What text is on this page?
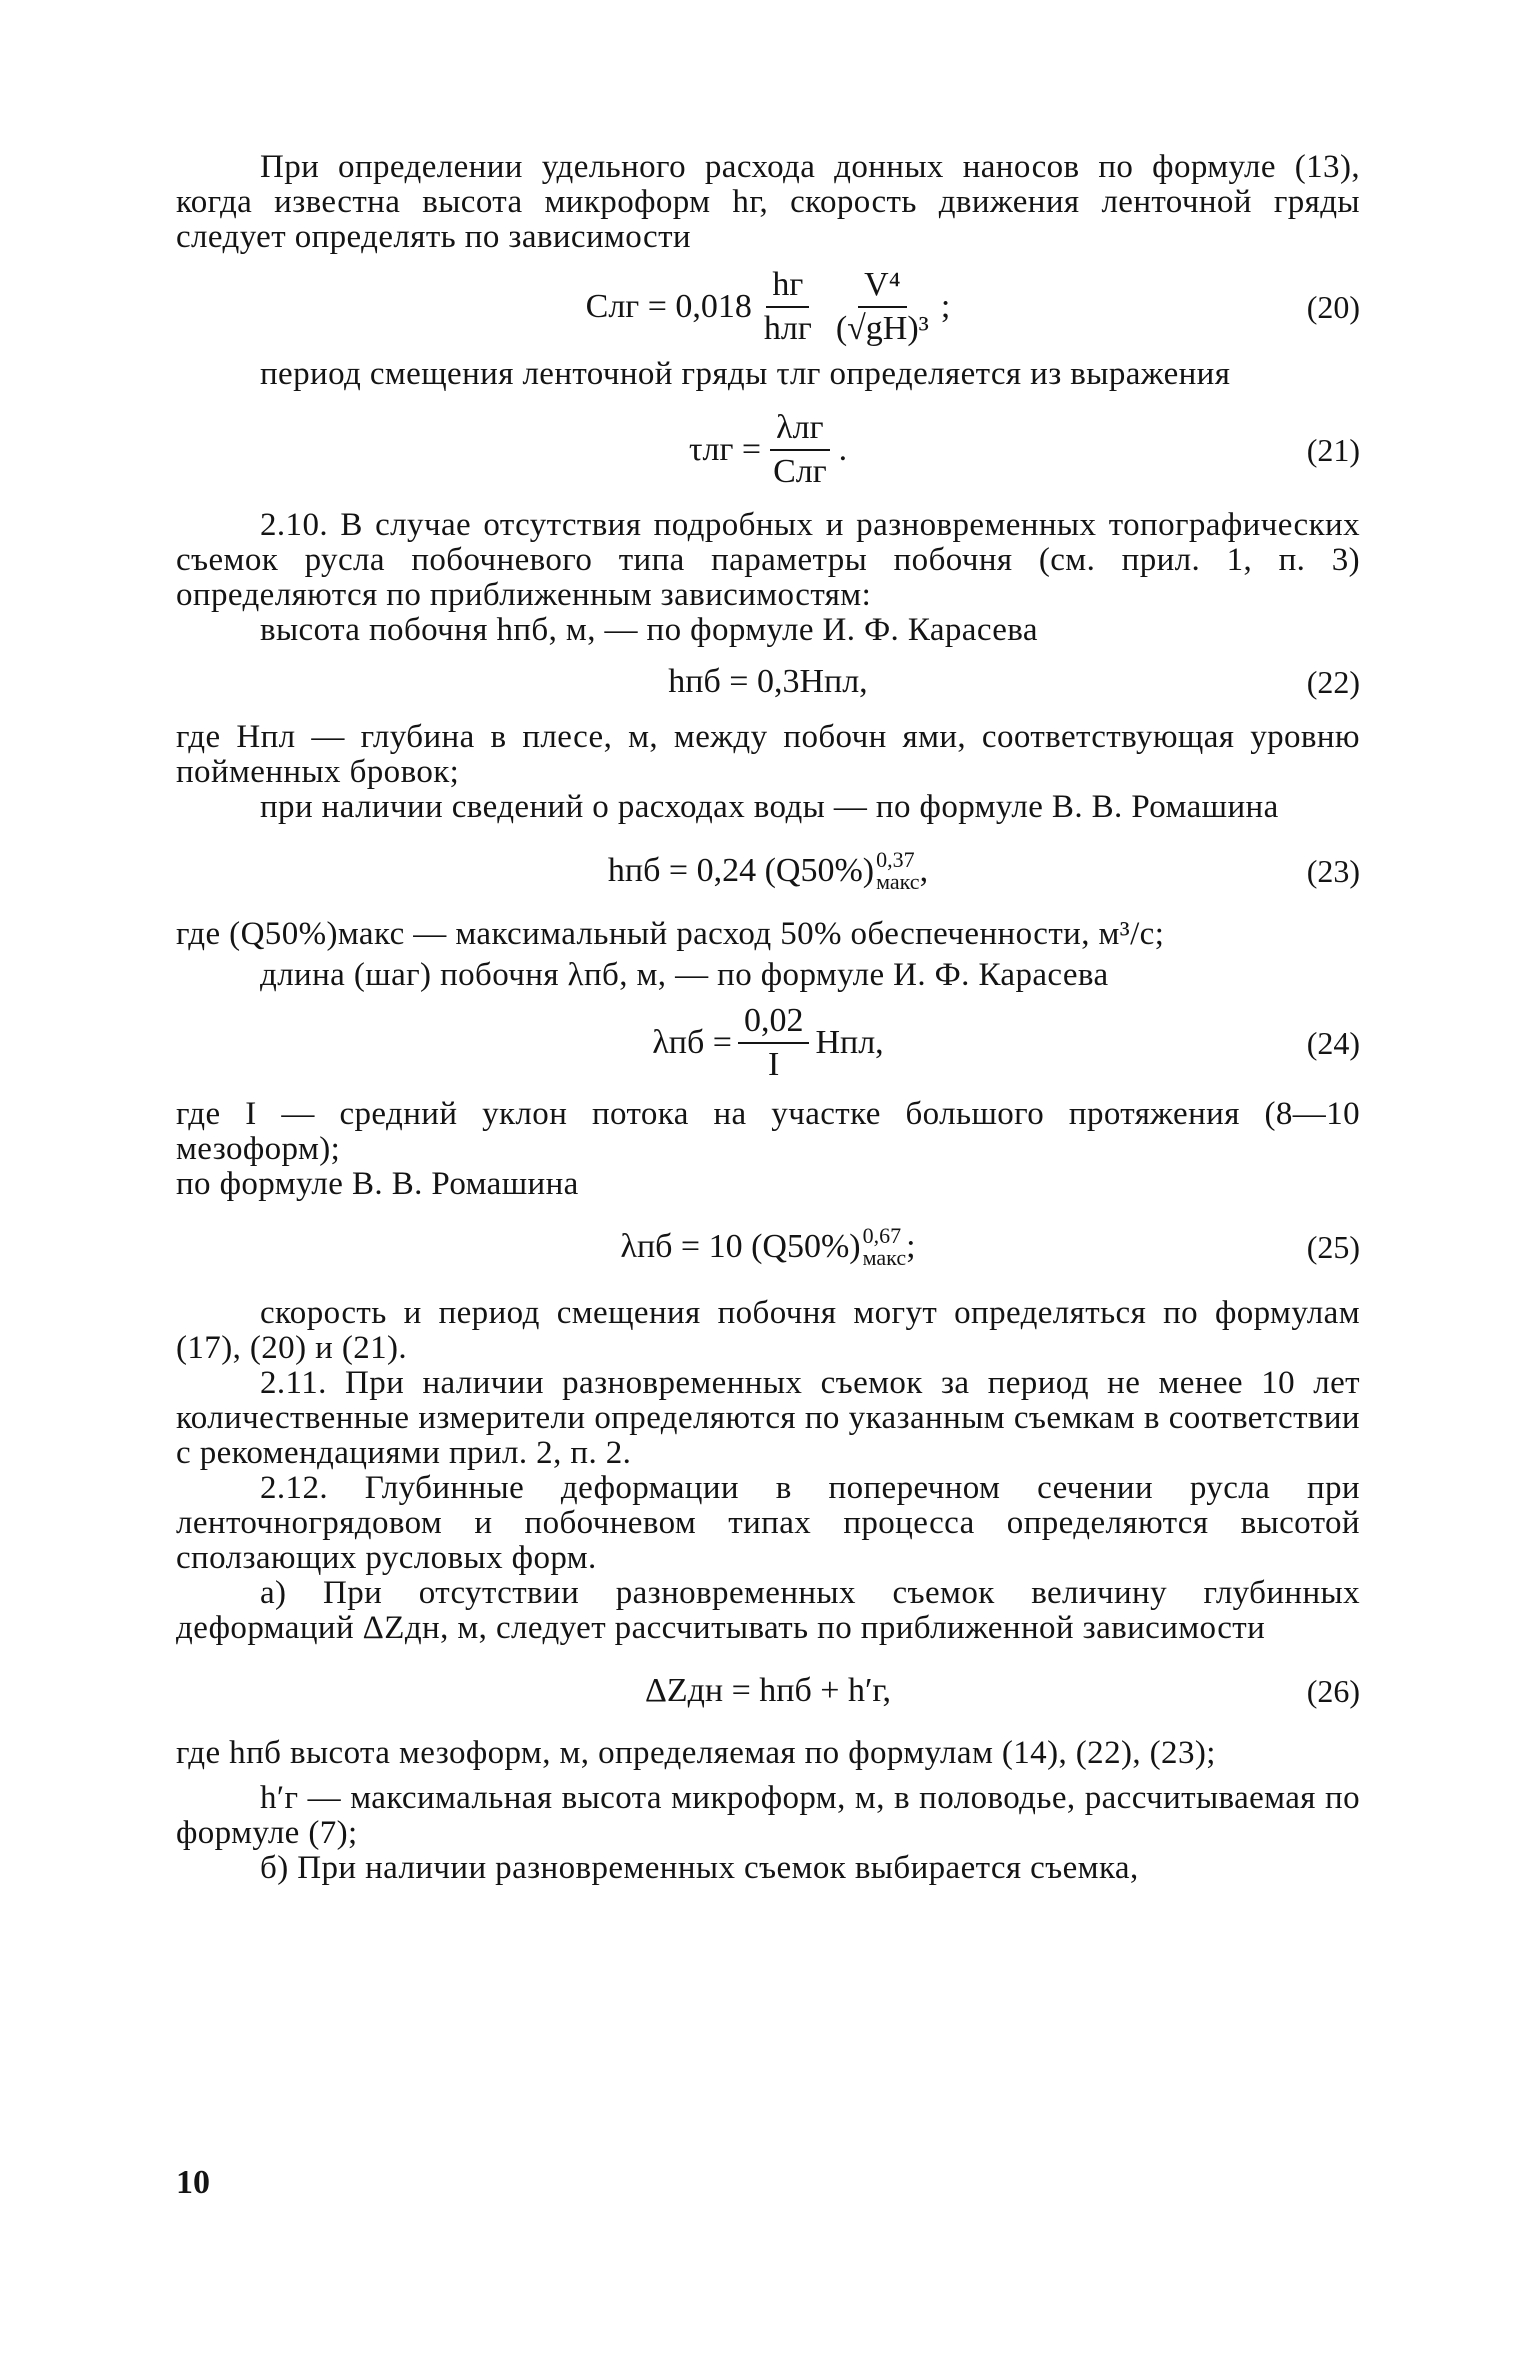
При определении удельного расхода донных наносов по формуле (13), когда известна высота микроформ hг, скорость движения ленточной гряды следует определять по зависимости

Cлг = $0,018 \frac{hг}{\text{hлг}} \frac{\text{V⁴}}{\text{(√gH)³}}$ ;	(20)

период смещения ленточной гряды τлг определяется из выражения

$\tau лг = \frac{\text{λлг}}{\text{Cлг}}$ .	(21)

2.10. В случае отсутствия подробных и разновременных топографических съемок русла побочневого типа параметры побочня (см. прил. 1, п. 3) определяются по приближенным зависимостям:

высота побочня hпб, м, — по формуле И. Ф. Карасева

hпб = 0,3Hпл,	(22)

где Hпл — глубина в плесе, м, между побочн ями, соответствующая уровню пойменных бровок;

при наличии сведений о расходах воды — по формуле В. В. Ромашина

hпб = 0,24 (Q50%) 0,37
макс ,	(23)

где (Q50%)макс — максимальный расход 50% обеспеченности, м³/с;

длина (шаг) побочня λпб, м, — по формуле И. Ф. Карасева

$\lambda пб = \frac{0,02}{I}$ Hпл,	(24)

где I — средний уклон потока на участке большого протяжения (8—10 мезоформ);

по формуле В. В. Ромашина

λпб = 10 (Q50%) 0,67
макс ;	(25)

скорость и период смещения побочня могут определяться по формулам (17), (20) и (21).

2.11. При наличии разновременных съемок за период не менее 10 лет количественные измерители определяются по указанным съемкам в соответствии с рекомендациями прил. 2, п. 2.

2.12. Глубинные деформации в поперечном сечении русла при ленточногрядовом и побочневом типах процесса определяются высотой сползающих русловых форм.

а) При отсутствии разновременных съемок величину глубинных деформаций ΔZдн, м, следует рассчитывать по приближенной зависимости

ΔZдн = hпб + h′г,	(26)

где hпб высота мезоформ, м, определяемая по формулам (14), (22), (23);

h′г — максимальная высота микроформ, м, в половодье, рассчитываемая по формуле (7);

б) При наличии разновременных съемок выбирается съемка,

10
